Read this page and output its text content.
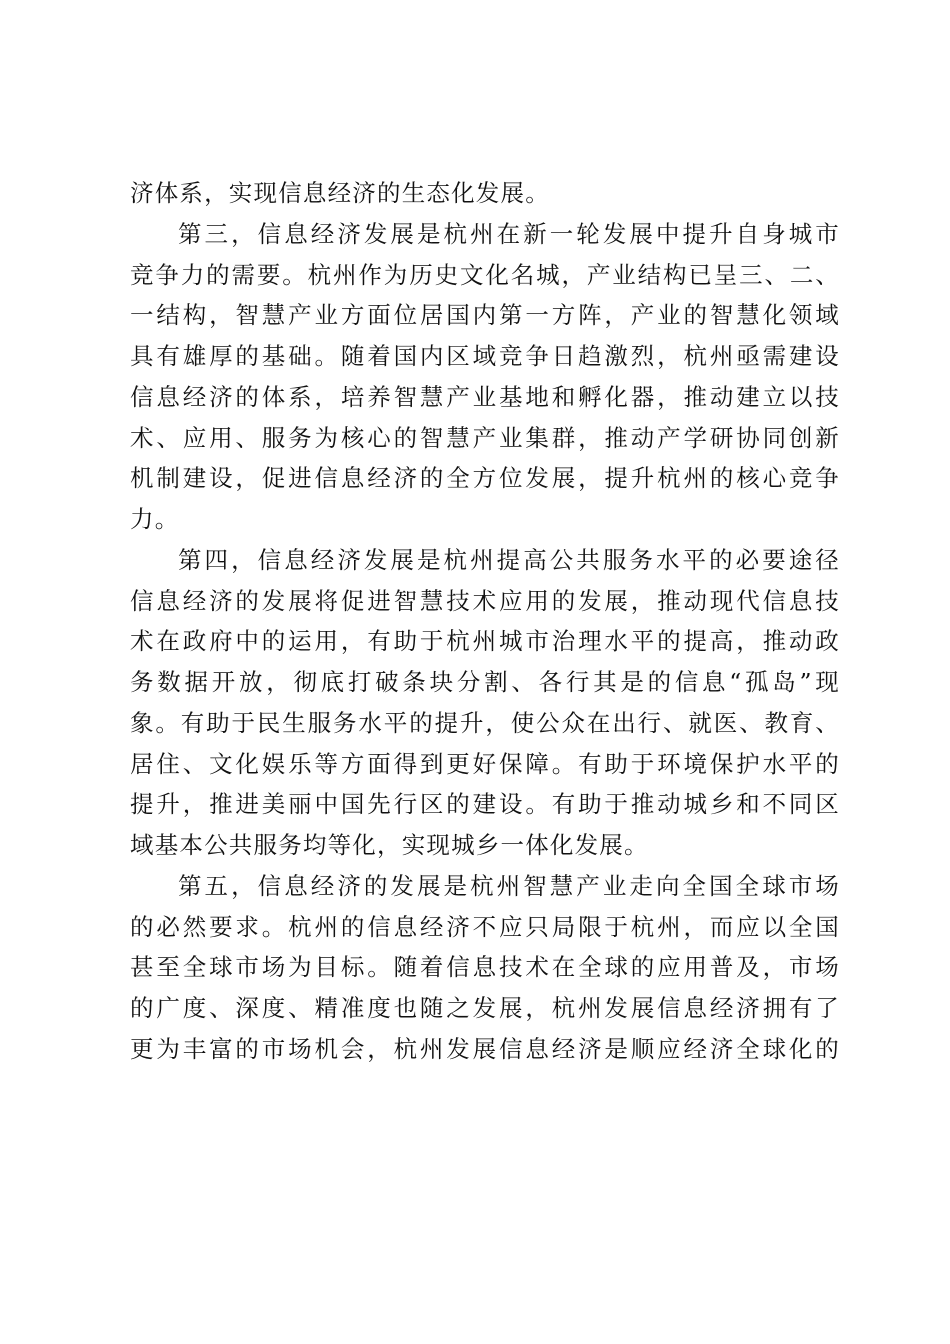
济体系，实现信息经济的生态化发展。
第三，信息经济发展是杭州在新一轮发展中提升自身城市
竞争力的需要。杭州作为历史文化名城，产业结构已呈三、二、
一结构，智慧产业方面位居国内第一方阵，产业的智慧化领域
具有雄厚的基础。随着国内区域竞争日趋激烈，杭州亟需建设
信息经济的体系，培养智慧产业基地和孵化器，推动建立以技
术、应用、服务为核心的智慧产业集群，推动产学研协同创新
机制建设，促进信息经济的全方位发展，提升杭州的核心竞争
力。
第四，信息经济发展是杭州提高公共服务水平的必要途径
信息经济的发展将促进智慧技术应用的发展，推动现代信息技
术在政府中的运用，有助于杭州城市治理水平的提高，推动政
务数据开放，彻底打破条块分割、各行其是的信息“孤岛”现
象。有助于民生服务水平的提升，使公众在出行、就医、教育、
居住、文化娱乐等方面得到更好保障。有助于环境保护水平的
提升，推进美丽中国先行区的建设。有助于推动城乡和不同区
域基本公共服务均等化，实现城乡一体化发展。
第五，信息经济的发展是杭州智慧产业走向全国全球市场
的必然要求。杭州的信息经济不应只局限于杭州，而应以全国
甚至全球市场为目标。随着信息技术在全球的应用普及，市场
的广度、深度、精准度也随之发展，杭州发展信息经济拥有了
更为丰富的市场机会，杭州发展信息经济是顺应经济全球化的
